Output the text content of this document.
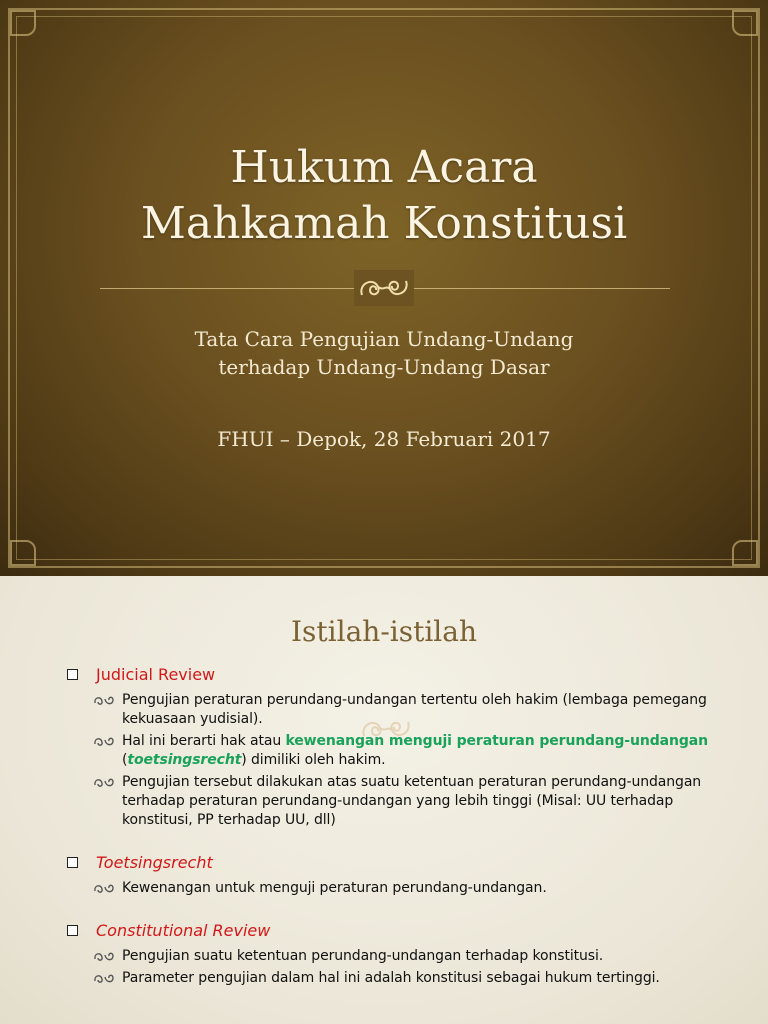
Hukum Acara
Mahkamah Konstitusi
Tata Cara Pengujian Undang-Undang
terhadap Undang-Undang Dasar
FHUI – Depok, 28 Februari 2017
Istilah-istilah
Judicial Review
Pengujian peraturan perundang-undangan tertentu oleh hakim (lembaga pemegang kekuasaan yudisial).
Hal ini berarti hak atau kewenangan menguji peraturan perundang-undangan (toetsingsrecht) dimiliki oleh hakim.
Pengujian tersebut dilakukan atas suatu ketentuan peraturan perundang-undangan terhadap peraturan perundang-undangan yang lebih tinggi (Misal: UU terhadap konstitusi, PP terhadap UU, dll)
Toetsingsrecht
Kewenangan untuk menguji peraturan perundang-undangan.
Constitutional Review
Pengujian suatu ketentuan perundang-undangan terhadap konstitusi.
Parameter pengujian dalam hal ini adalah konstitusi sebagai hukum tertinggi.
